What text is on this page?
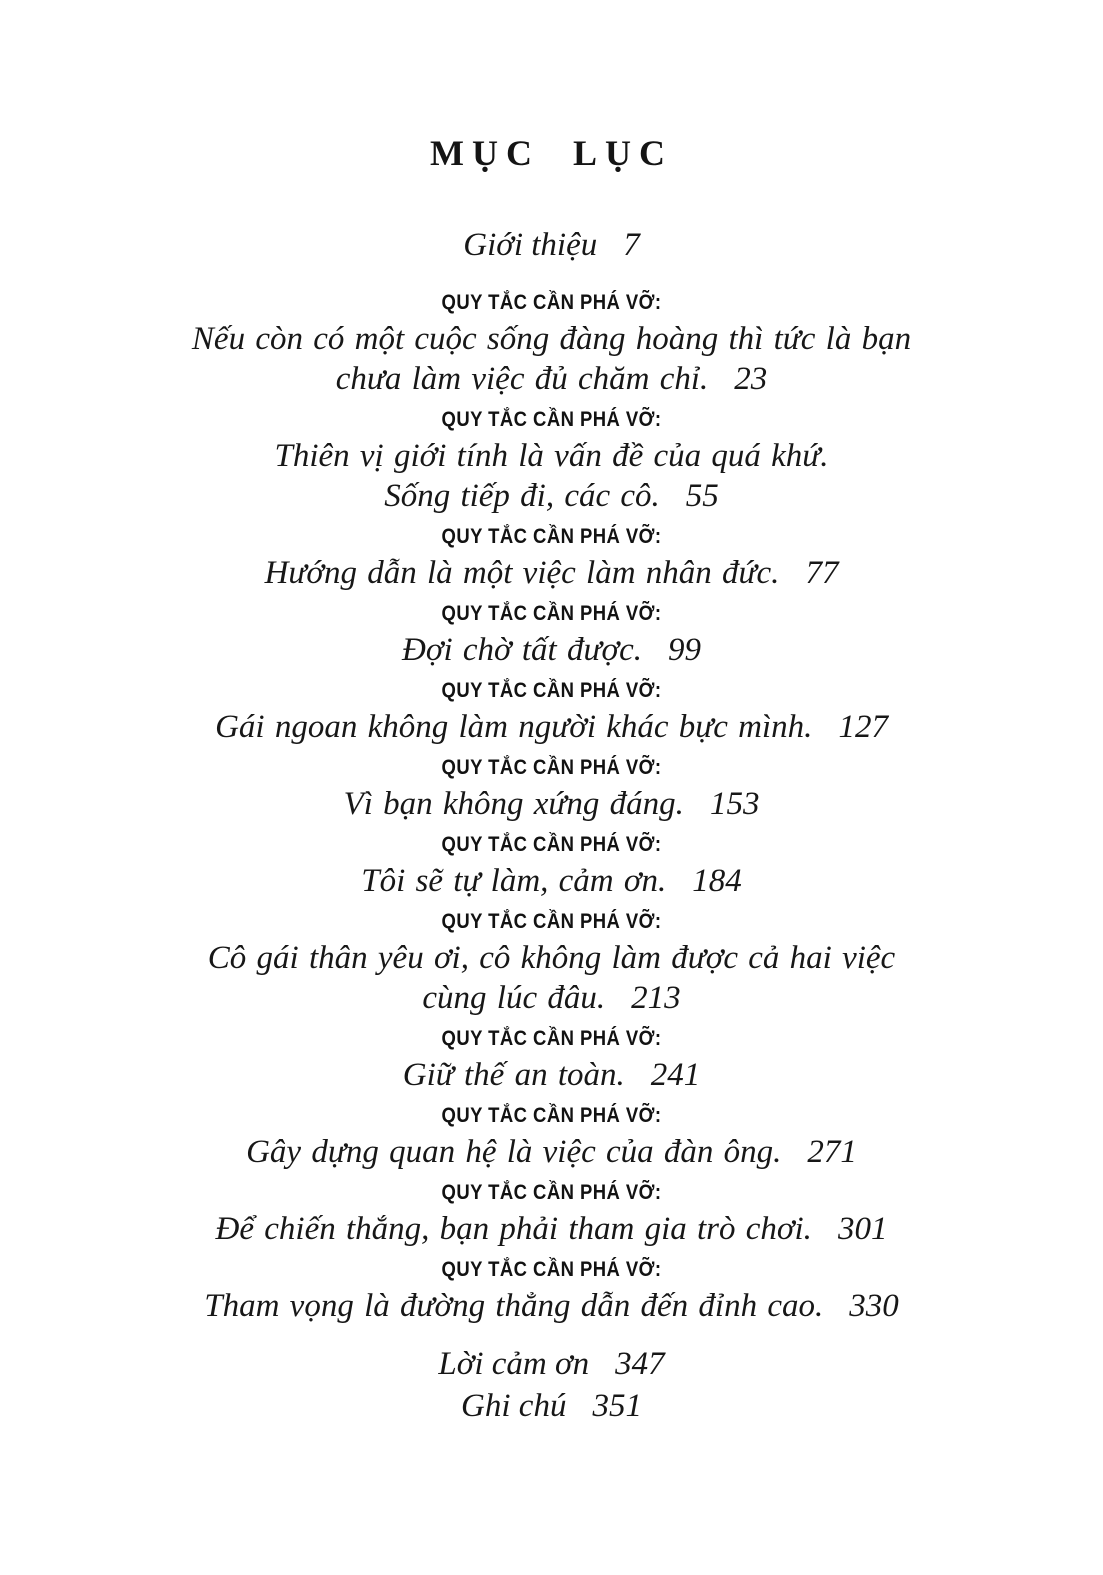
MỤC LỤC
Giới thiệu 7
QUY TẮC CẦN PHÁ VỠ:
Nếu còn có một cuộc sống đàng hoàng thì tức là bạn
chưa làm việc đủ chăm chỉ. 23
QUY TẮC CẦN PHÁ VỠ:
Thiên vị giới tính là vấn đề của quá khứ.
Sống tiếp đi, các cô. 55
QUY TẮC CẦN PHÁ VỠ:
Hướng dẫn là một việc làm nhân đức. 77
QUY TẮC CẦN PHÁ VỠ:
Đợi chờ tất được. 99
QUY TẮC CẦN PHÁ VỠ:
Gái ngoan không làm người khác bực mình. 127
QUY TẮC CẦN PHÁ VỠ:
Vì bạn không xứng đáng. 153
QUY TẮC CẦN PHÁ VỠ:
Tôi sẽ tự làm, cảm ơn. 184
QUY TẮC CẦN PHÁ VỠ:
Cô gái thân yêu ơi, cô không làm được cả hai việc
cùng lúc đâu. 213
QUY TẮC CẦN PHÁ VỠ:
Giữ thế an toàn. 241
QUY TẮC CẦN PHÁ VỠ:
Gây dựng quan hệ là việc của đàn ông. 271
QUY TẮC CẦN PHÁ VỠ:
Để chiến thắng, bạn phải tham gia trò chơi. 301
QUY TẮC CẦN PHÁ VỠ:
Tham vọng là đường thẳng dẫn đến đỉnh cao. 330
Lời cảm ơn 347
Ghi chú 351
